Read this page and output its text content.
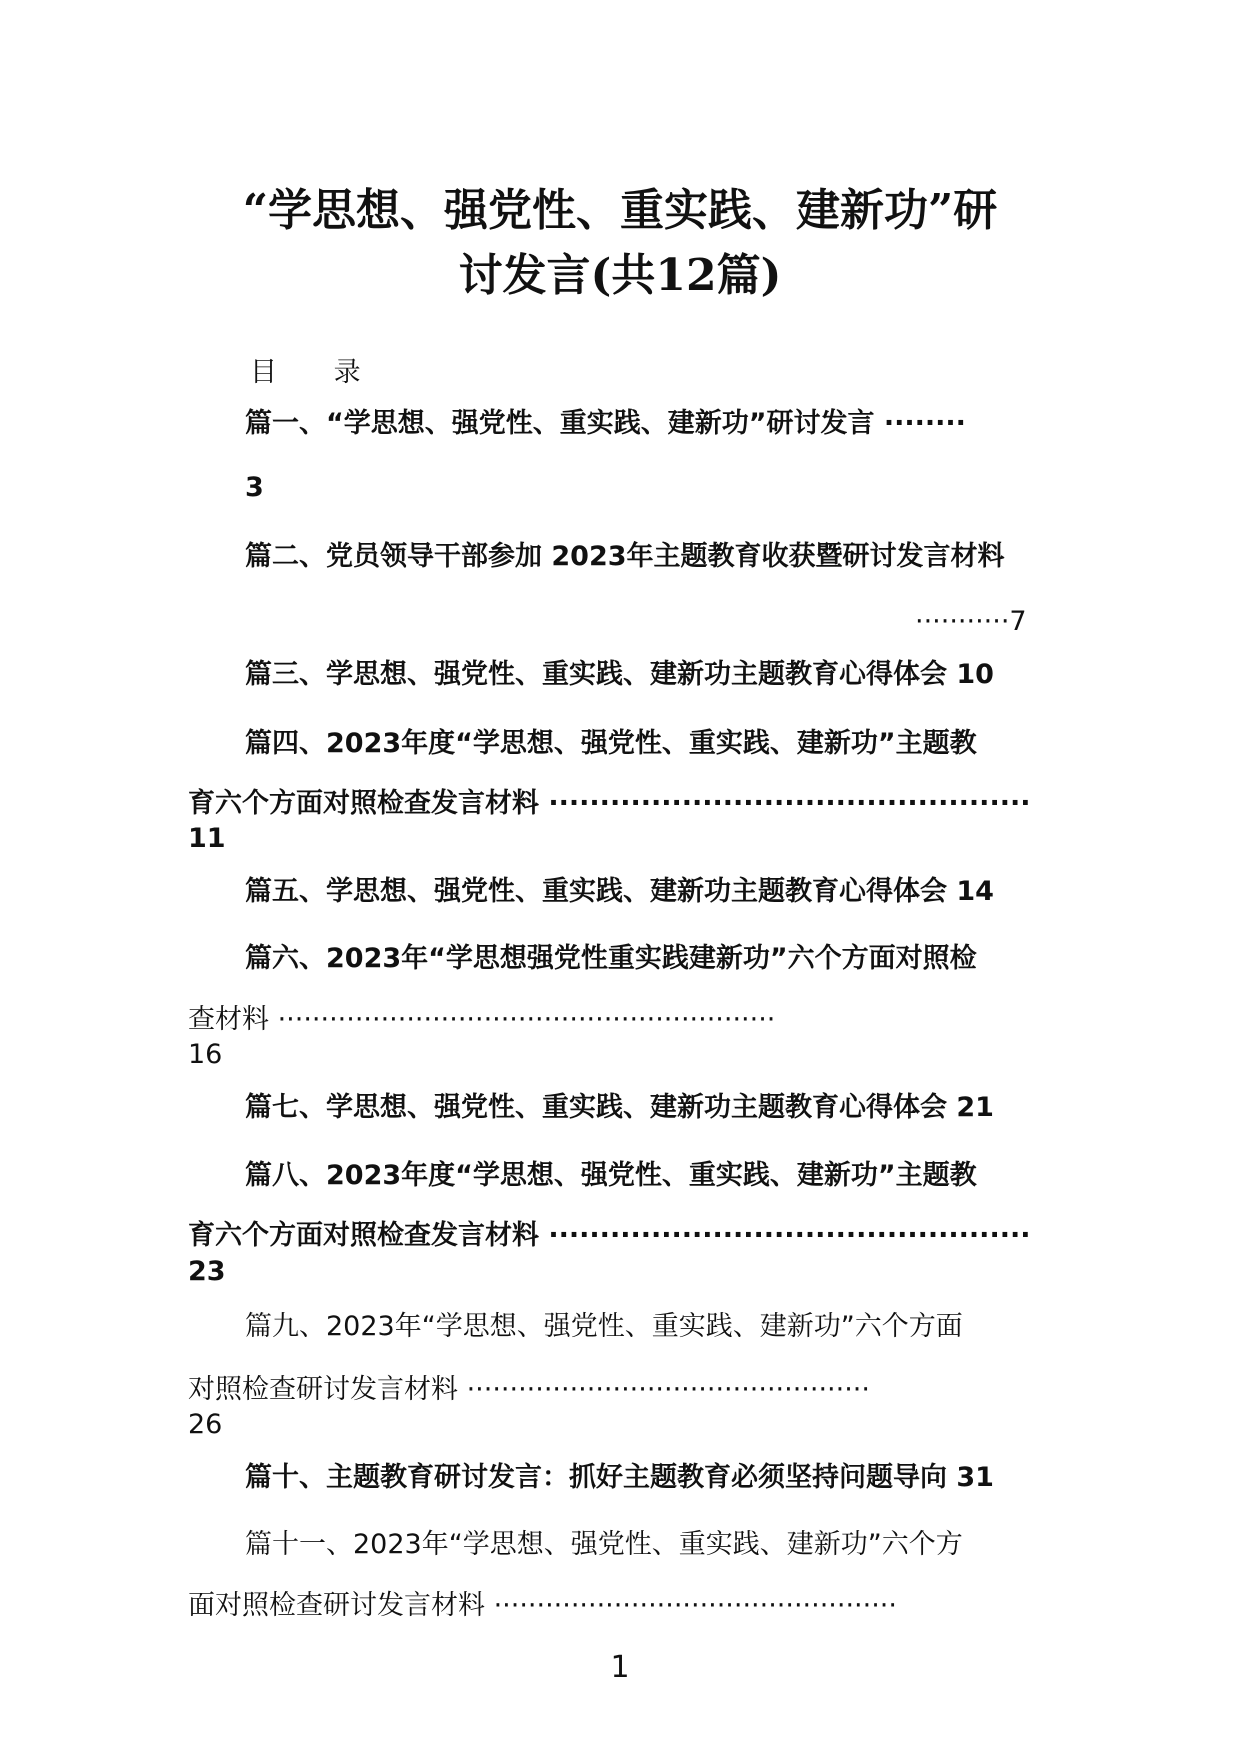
“学思想、强党性、重实践、建新功”研
讨发言(共12篇)
目 录
篇一、“学思想、强党性、重实践、建新功”研讨发言 ········
3
篇二、党员领导干部参加 2023年主题教育收获暨研讨发言材料
···········7
篇三、学思想、强党性、重实践、建新功主题教育心得体会 10
篇四、2023年度“学思想、强党性、重实践、建新功”主题教
育六个方面对照检查发言材料 ···············································
11
篇五、学思想、强党性、重实践、建新功主题教育心得体会 14
篇六、2023年“学思想强党性重实践建新功”六个方面对照检
查材料 ··························································
16
篇七、学思想、强党性、重实践、建新功主题教育心得体会 21
篇八、2023年度“学思想、强党性、重实践、建新功”主题教
育六个方面对照检查发言材料 ···············································
23
篇九、2023年“学思想、强党性、重实践、建新功”六个方面
对照检查研讨发言材料 ···············································
26
篇十、主题教育研讨发言：抓好主题教育必须坚持问题导向 31
篇十一、2023年“学思想、强党性、重实践、建新功”六个方
面对照检查研讨发言材料 ···············································
1
